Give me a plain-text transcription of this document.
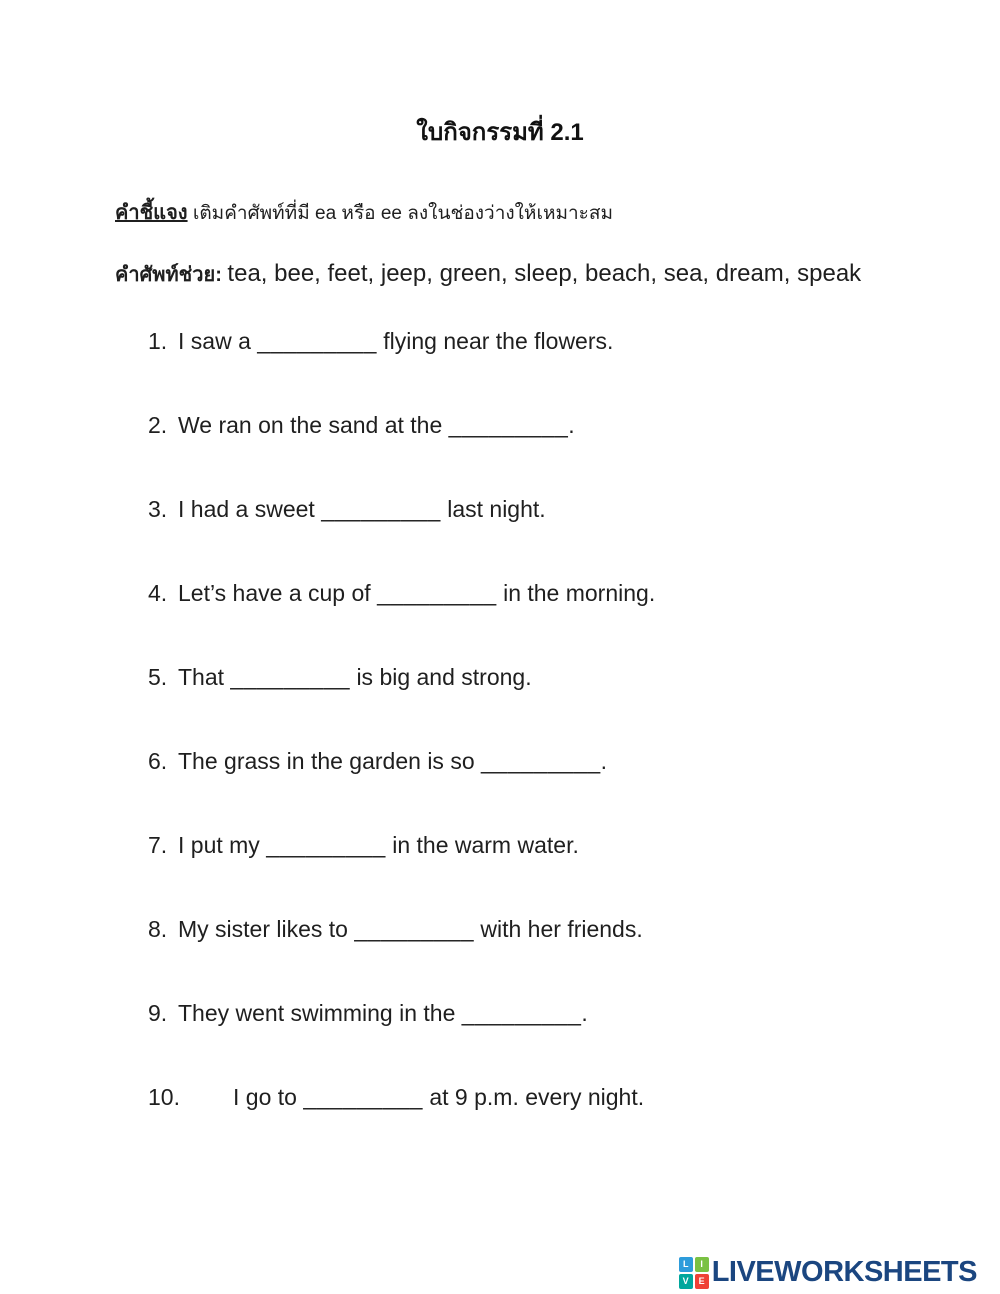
ใบกิจกรรมที่ 2.1
คำชี้แจง เติมคำศัพท์ที่มี ea หรือ ee ลงในช่องว่างให้เหมาะสม
คำศัพท์ช่วย: tea, bee, feet, jeep, green, sleep, beach, sea, dream, speak
1. I saw a _________ flying near the flowers.
2. We ran on the sand at the _________ .
3. I had a sweet _________ last night.
4. Let’s have a cup of _________ in the morning.
5. That _________ is big and strong.
6. The grass in the garden is so _________ .
7. I put my _________ in the warm water.
8. My sister likes to _________ with her friends.
9. They went swimming in the _________ .
10.	I go to _________ at 9 p.m. every night.
L	I
V	E LIVEWORKSHEETS
